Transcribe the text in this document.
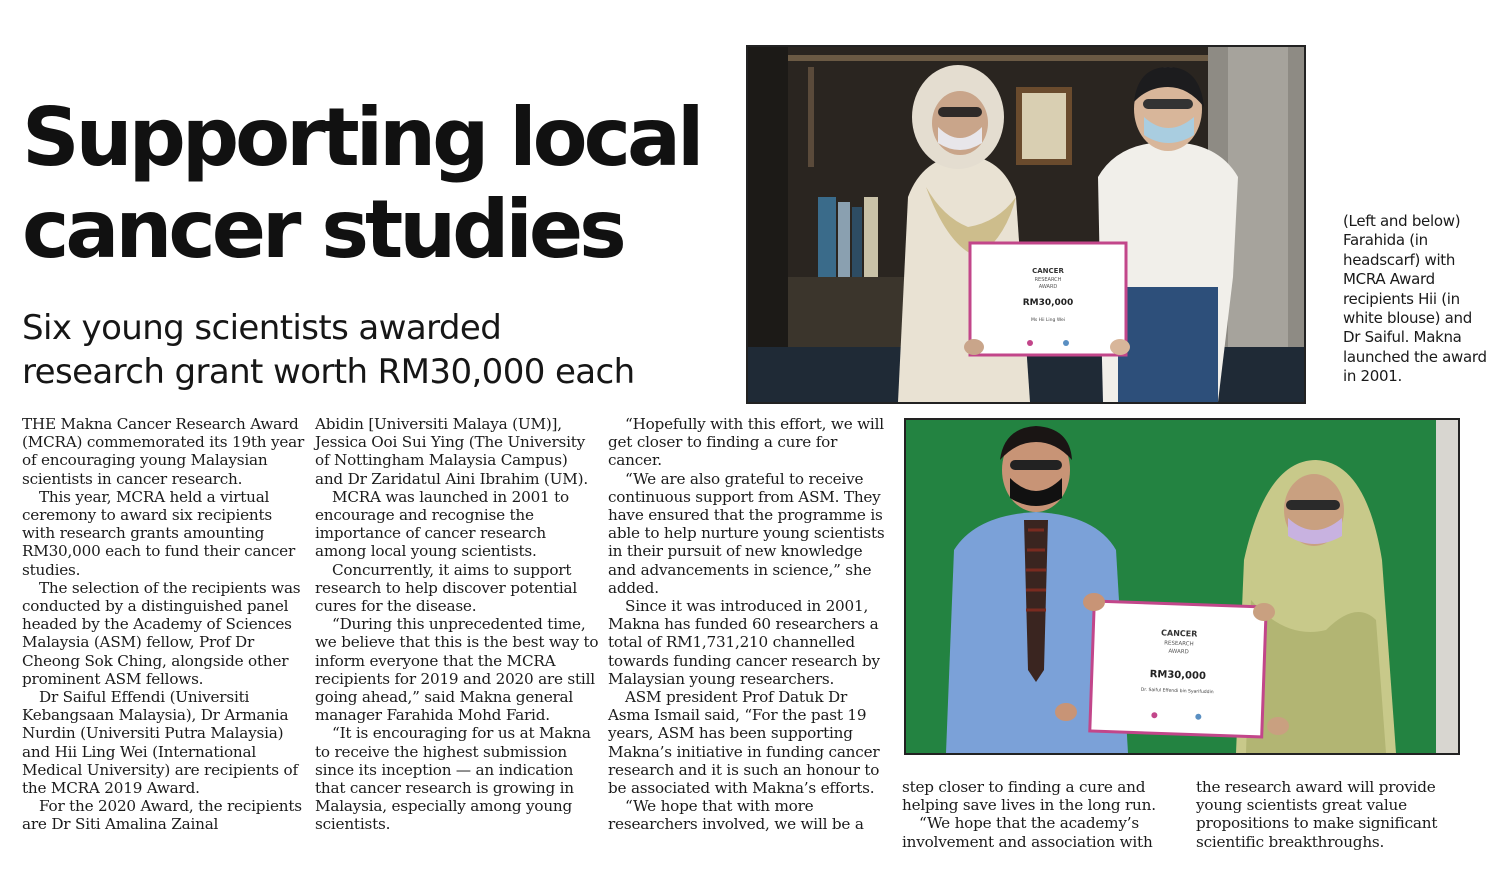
Supporting local
cancer studies
Six young scientists awarded
research grant worth RM30,000 each

THE Makna Cancer Research Award (MCRA) commemorated its 19th year of encouraging young Malaysian scientists in cancer research.

This year, MCRA held a virtual ceremony to award six recipients with research grants amounting RM30,000 each to fund their cancer studies.

The selection of the recipients was conducted by a distinguished panel headed by the Academy of Sciences Malaysia (ASM) fellow, Prof Dr Cheong Sok Ching, alongside other prominent ASM fellows.

Dr Saiful Effendi (Universiti Kebangsaan Malaysia), Dr Armania Nurdin (Universiti Putra Malaysia) and Hii Ling Wei (International Medical University) are recipients of the MCRA 2019 Award.

For the 2020 Award, the recipients are Dr Siti Amalina Zainal

Abidin [Universiti Malaya (UM)], Jessica Ooi Sui Ying (The University of Nottingham Malaysia Campus) and Dr Zaridatul Aini Ibrahim (UM).

MCRA was launched in 2001 to encourage and recognise the importance of cancer research among local young scientists.

Concurrently, it aims to support research to help discover potential cures for the disease.

“During this unprecedented time, we believe that this is the best way to inform everyone that the MCRA recipients for 2019 and 2020 are still going ahead,” said Makna general manager Farahida Mohd Farid.

“It is encouraging for us at Makna to receive the highest submission since its inception — an indication that cancer research is growing in Malaysia, especially among young scientists.

“Hopefully with this effort, we will get closer to finding a cure for cancer.

“We are also grateful to receive continuous support from ASM. They have ensured that the programme is able to help nurture young scientists in their pursuit of new knowledge and advancements in science,” she added.

Since it was introduced in 2001, Makna has funded 60 researchers a total of RM1,731,210 channelled towards funding cancer research by Malaysian young researchers.

ASM president Prof Datuk Dr Asma Ismail said, “For the past 19 years, ASM has been supporting Makna’s initiative in funding cancer research and it is such an honour to be associated with Makna’s efforts.

“We hope that with more researchers involved, we will be a

step closer to finding a cure and helping save lives in the long run.

“We hope that the academy’s involvement and association with

the research award will provide young scientists great value propositions to make significant scientific breakthroughs.

CANCER
RESEARCH
AWARD
RM30,000
Ms Hii Ling Wei
CANCER
RESEARCH
AWARD
RM30,000
Dr. Saiful Effendi bin Syarifuddin
(Left and below) Farahida (in headscarf) with MCRA Award recipients Hii (in white blouse) and Dr Saiful. Makna launched the award in 2001.
